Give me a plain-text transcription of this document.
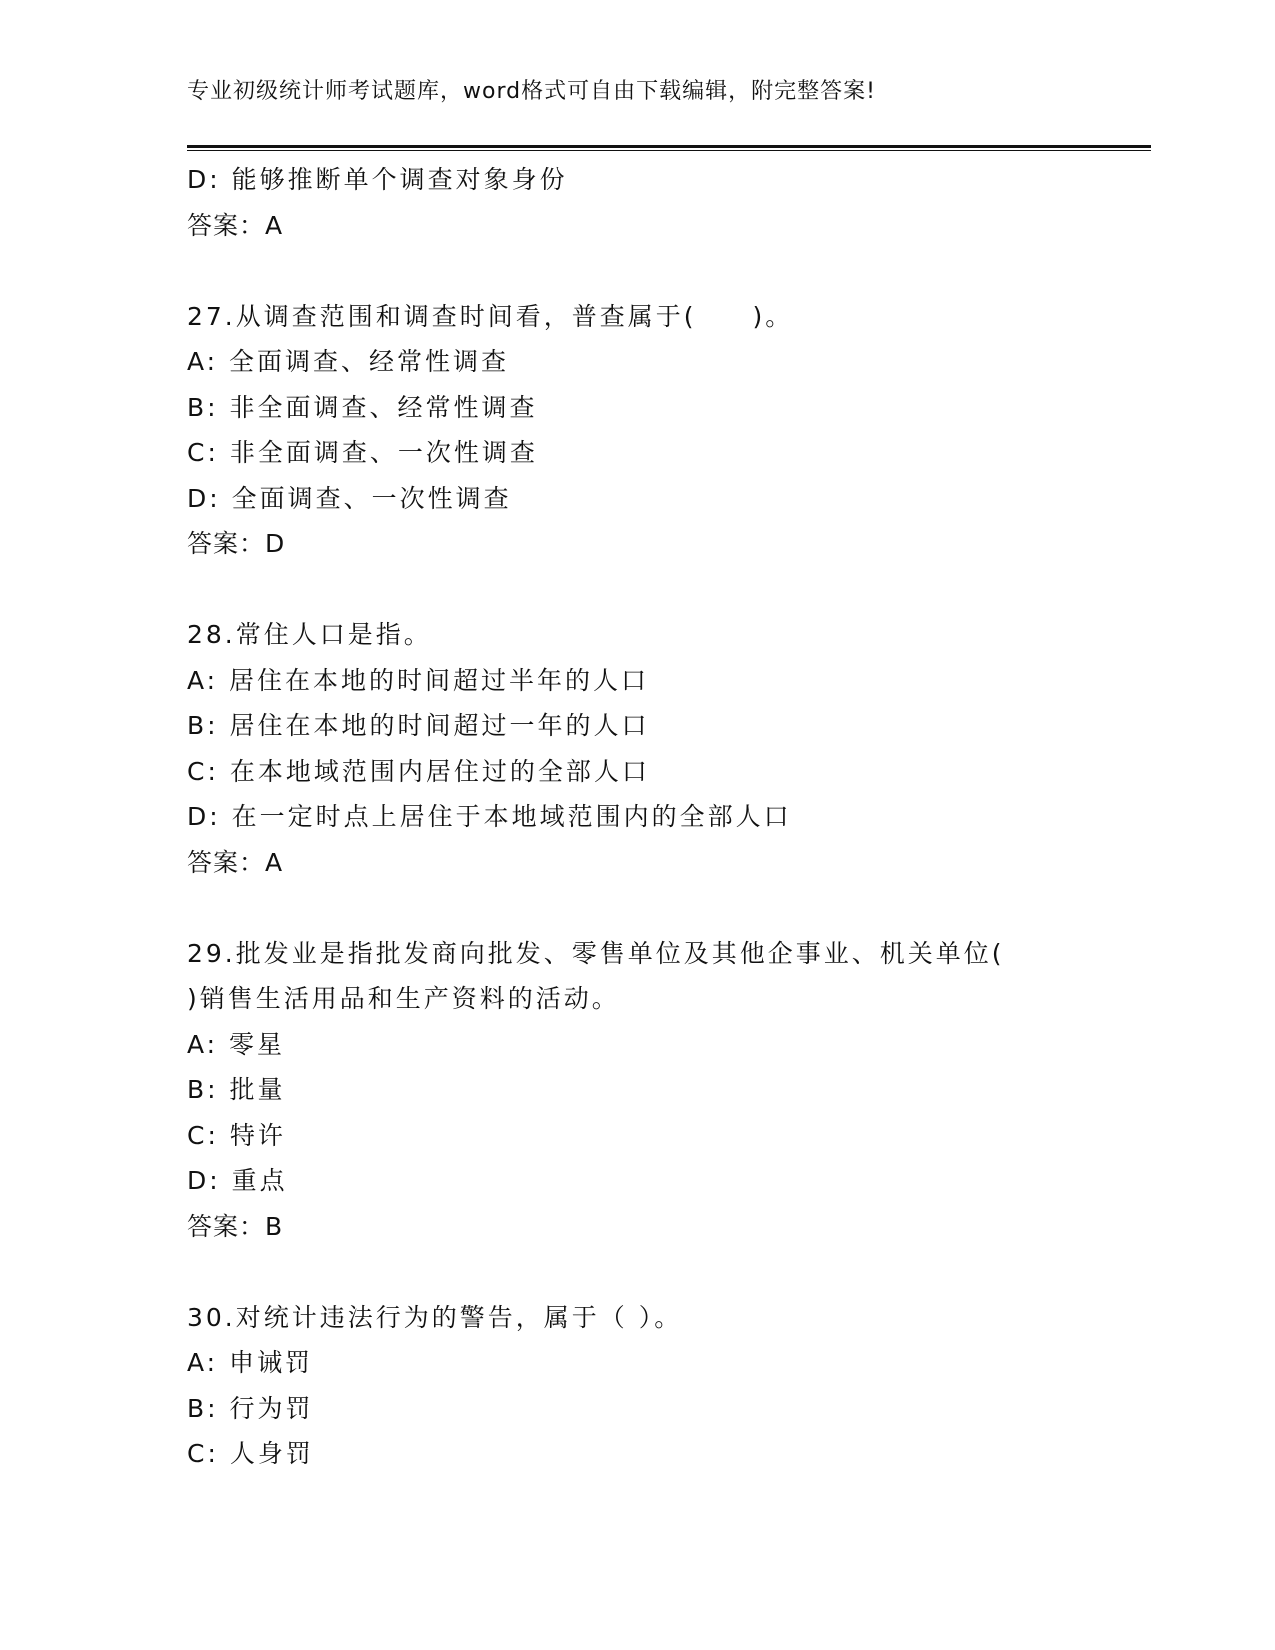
专业初级统计师考试题库，word格式可自由下载编辑，附完整答案!
D: 能够推断单个调查对象身份
答案：A
27.从调查范围和调查时间看，普查属于(　　)。
A: 全面调查、经常性调查
B: 非全面调查、经常性调查
C: 非全面调查、一次性调查
D: 全面调查、一次性调查
答案：D
28.常住人口是指。
A: 居住在本地的时间超过半年的人口
B: 居住在本地的时间超过一年的人口
C: 在本地域范围内居住过的全部人口
D: 在一定时点上居住于本地域范围内的全部人口
答案：A
29.批发业是指批发商向批发、零售单位及其他企事业、机关单位(
)销售生活用品和生产资料的活动。
A: 零星
B: 批量
C: 特许
D: 重点
答案：B
30.对统计违法行为的警告，属于（ ）。
A: 申诫罚
B: 行为罚
C: 人身罚
